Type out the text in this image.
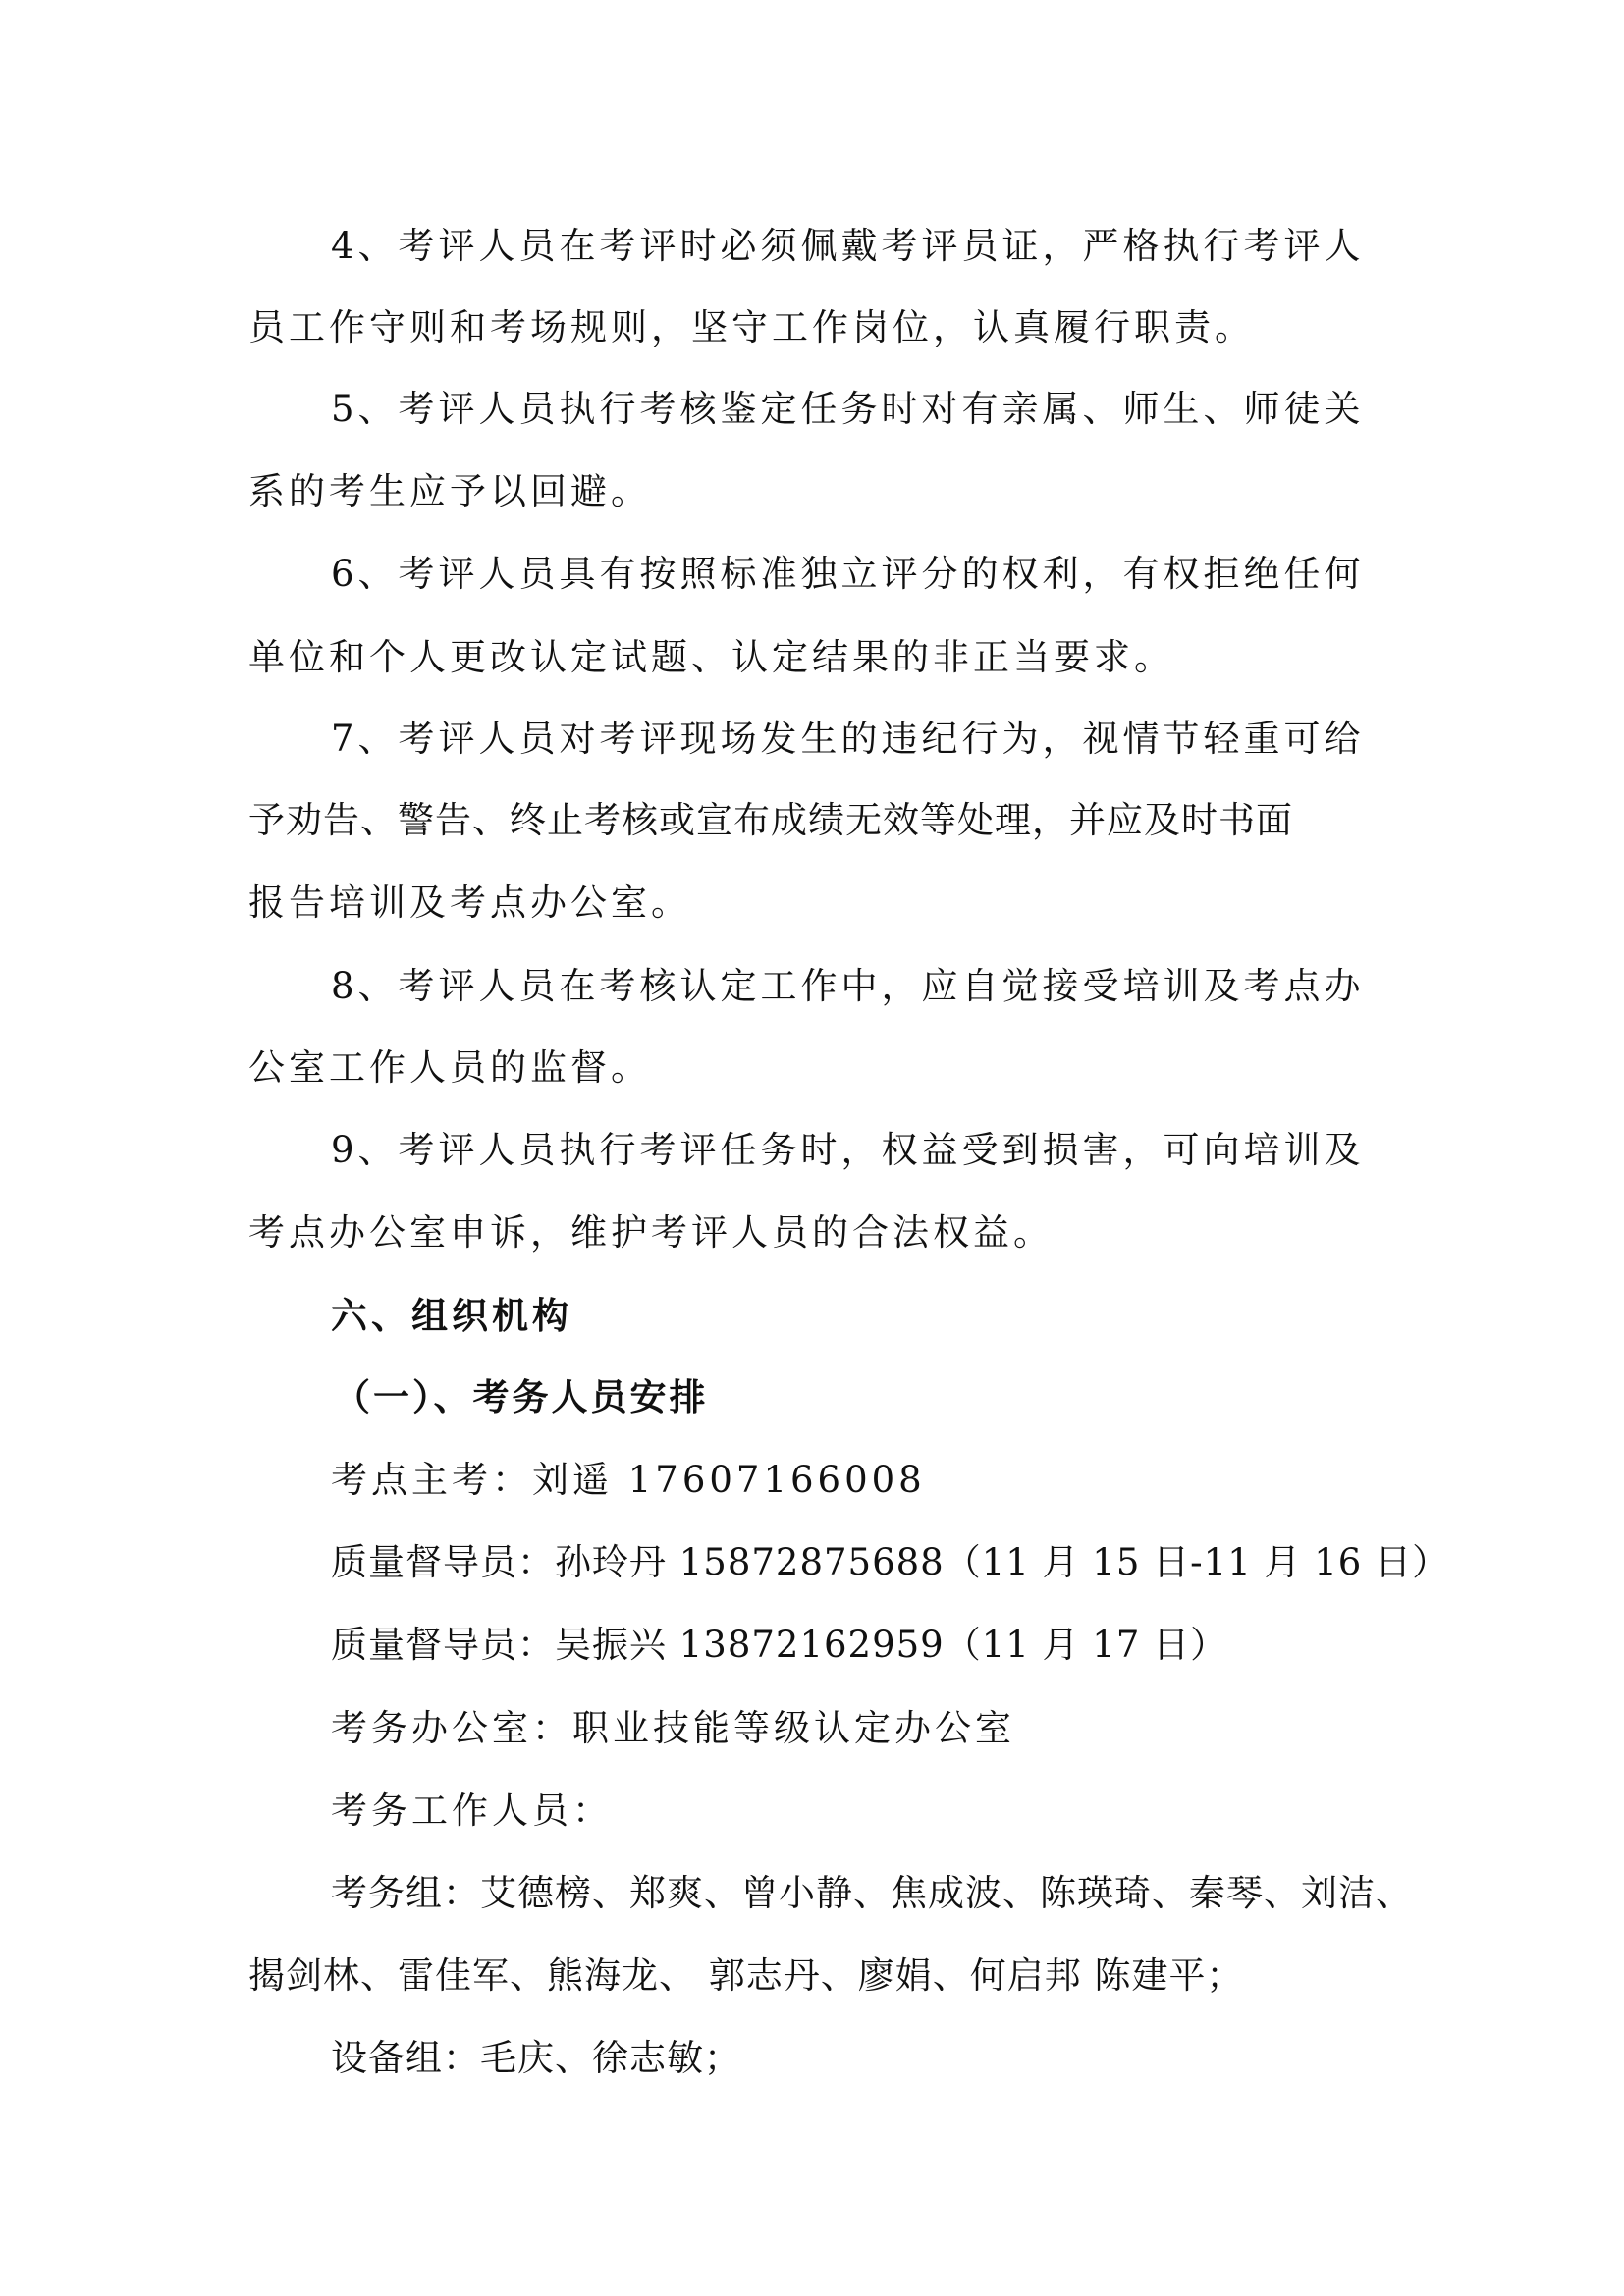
4、考评人员在考评时必须佩戴考评员证，严格执行考评人
员工作守则和考场规则，坚守工作岗位，认真履行职责。
5、考评人员执行考核鉴定任务时对有亲属、师生、师徒关
系的考生应予以回避。
6、考评人员具有按照标准独立评分的权利，有权拒绝任何
单位和个人更改认定试题、认定结果的非正当要求。
7、考评人员对考评现场发生的违纪行为，视情节轻重可给
予劝告、警告、终止考核或宣布成绩无效等处理，并应及时书面
报告培训及考点办公室。
8、考评人员在考核认定工作中，应自觉接受培训及考点办
公室工作人员的监督。
9、考评人员执行考评任务时，权益受到损害，可向培训及
考点办公室申诉，维护考评人员的合法权益。
六、组织机构
（一）、考务人员安排
考点主考：刘遥 17607166008
质量督导员：孙玲丹 15872875688（11 月 15 日-11 月 16 日）
质量督导员：吴振兴 13872162959（11 月 17 日）
考务办公室：职业技能等级认定办公室
考务工作人员：
考务组：艾德榜、郑爽、曾小静、焦成波、陈瑛琦、秦琴、刘洁、
揭剑林、雷佳军、熊海龙、 郭志丹、廖娟、何启邦 陈建平；
设备组：毛庆、徐志敏；
